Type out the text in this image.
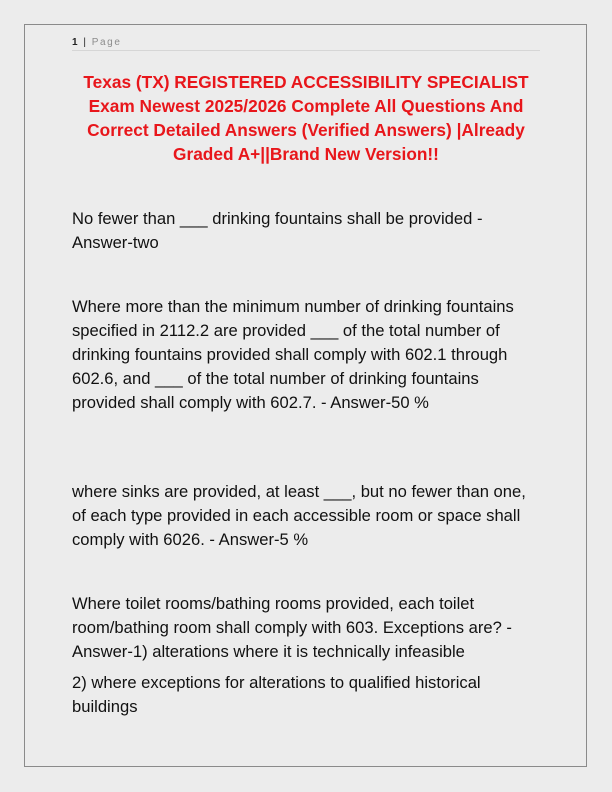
1 | Page
Texas (TX) REGISTERED ACCESSIBILITY SPECIALIST Exam Newest 2025/2026 Complete All Questions And Correct Detailed Answers (Verified Answers) |Already Graded A+||Brand New Version!!
No fewer than ___ drinking fountains shall be provided - Answer-two
Where more than the minimum number of drinking fountains specified in 2112.2 are provided ___ of the total number of drinking fountains provided shall comply with 602.1 through 602.6, and ___ of the total number of drinking fountains provided shall comply with 602.7. - Answer-50 %
where sinks are provided, at least ___, but no fewer than one, of each type provided in each accessible room or space shall comply with 6026. - Answer-5 %
Where toilet rooms/bathing rooms provided, each toilet room/bathing room shall comply with 603. Exceptions are? - Answer-1) alterations where it is technically infeasible
2) where exceptions for alterations to qualified historical buildings
